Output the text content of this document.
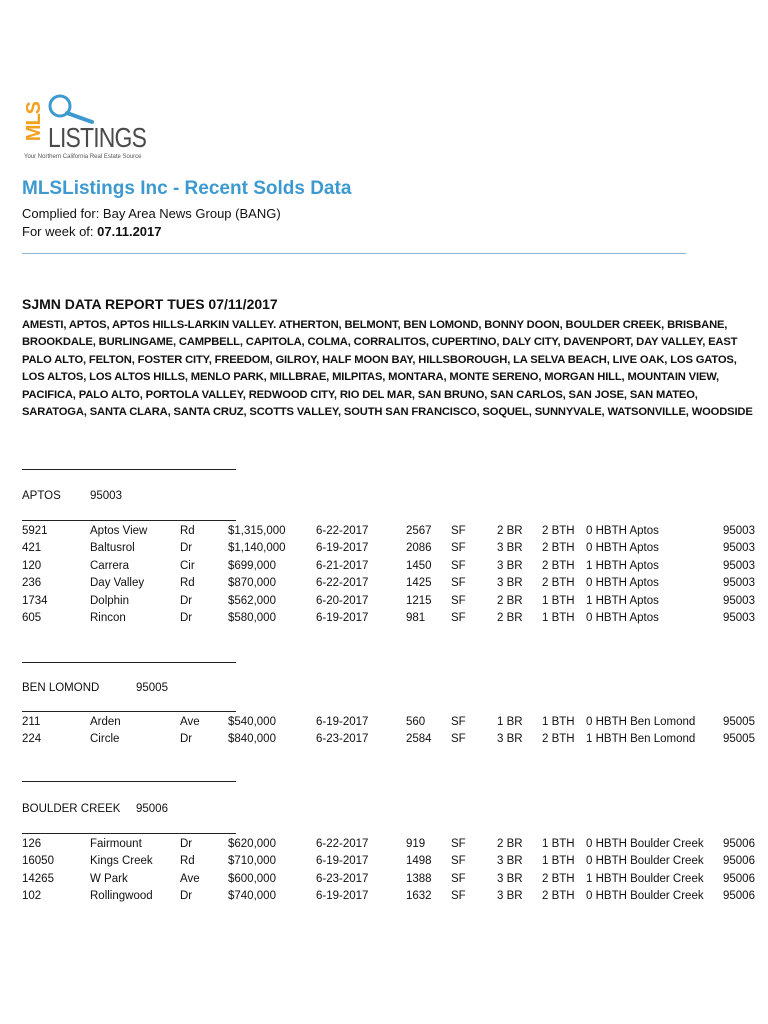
MLS LISTINGS
Your Northern California Real Estate Source
MLSListings Inc - Recent Solds Data
Complied for: Bay Area News Group (BANG)
For week of: 07.11.2017
SJMN DATA REPORT TUES 07/11/2017
AMESTI, APTOS, APTOS HILLS-LARKIN VALLEY. ATHERTON, BELMONT, BEN LOMOND, BONNY DOON, BOULDER CREEK, BRISBANE,
BROOKDALE, BURLINGAME, CAMPBELL, CAPITOLA, COLMA, CORRALITOS, CUPERTINO, DALY CITY, DAVENPORT, DAY VALLEY, EAST
PALO ALTO, FELTON, FOSTER CITY, FREEDOM, GILROY, HALF MOON BAY, HILLSBOROUGH, LA SELVA BEACH, LIVE OAK, LOS GATOS,
LOS ALTOS, LOS ALTOS HILLS, MENLO PARK, MILLBRAE, MILPITAS, MONTARA, MONTE SERENO, MORGAN HILL, MOUNTAIN VIEW,
PACIFICA, PALO ALTO, PORTOLA VALLEY, REDWOOD CITY, RIO DEL MAR, SAN BRUNO, SAN CARLOS, SAN JOSE, SAN MATEO,
SARATOGA, SANTA CLARA, SANTA CRUZ, SCOTTS VALLEY, SOUTH SAN FRANCISCO, SOQUEL, SUNNYVALE, WATSONVILLE, WOODSIDE
APTOS	95003
5921	Aptos View	Rd	$1,315,000	6-22-2017	2567 SF	2 BR 2 BTH 0 HBTH Aptos	95003
421	Baltusrol	Dr	$1,140,000	6-19-2017	2086 SF	3 BR 2 BTH 0 HBTH Aptos	95003
120	Carrera	Cir	$699,000	6-21-2017	1450 SF	3 BR 2 BTH 1 HBTH Aptos	95003
236	Day Valley	Rd	$870,000	6-22-2017	1425 SF	3 BR 2 BTH 0 HBTH Aptos	95003
1734	Dolphin	Dr	$562,000	6-20-2017	1215 SF	2 BR 1 BTH 1 HBTH Aptos	95003
605	Rincon	Dr	$580,000	6-19-2017	981 SF	2 BR 1 BTH 0 HBTH Aptos	95003
BEN LOMOND	95005
211	Arden	Ave $540,000	6-19-2017	560 SF	1 BR 1 BTH 0 HBTH Ben Lomond 95005
224	Circle	Dr	$840,000	6-23-2017	2584 SF	3 BR 2 BTH 1 HBTH Ben Lomond 95005
BOULDER CREEK 95006
126	Fairmount	Dr	$620,000	6-22-2017	919 SF	2 BR 1 BTH 0 HBTH Boulder Creek 95006
16050	Kings Creek Rd	$710,000	6-19-2017	1498 SF	3 BR 1 BTH 0 HBTH Boulder Creek 95006
14265	W Park	Ave $600,000	6-23-2017	1388 SF	3 BR 2 BTH 1 HBTH Boulder Creek 95006
102	Rollingwood Dr	$740,000	6-19-2017	1632 SF	3 BR 2 BTH 0 HBTH Boulder Creek 95006
